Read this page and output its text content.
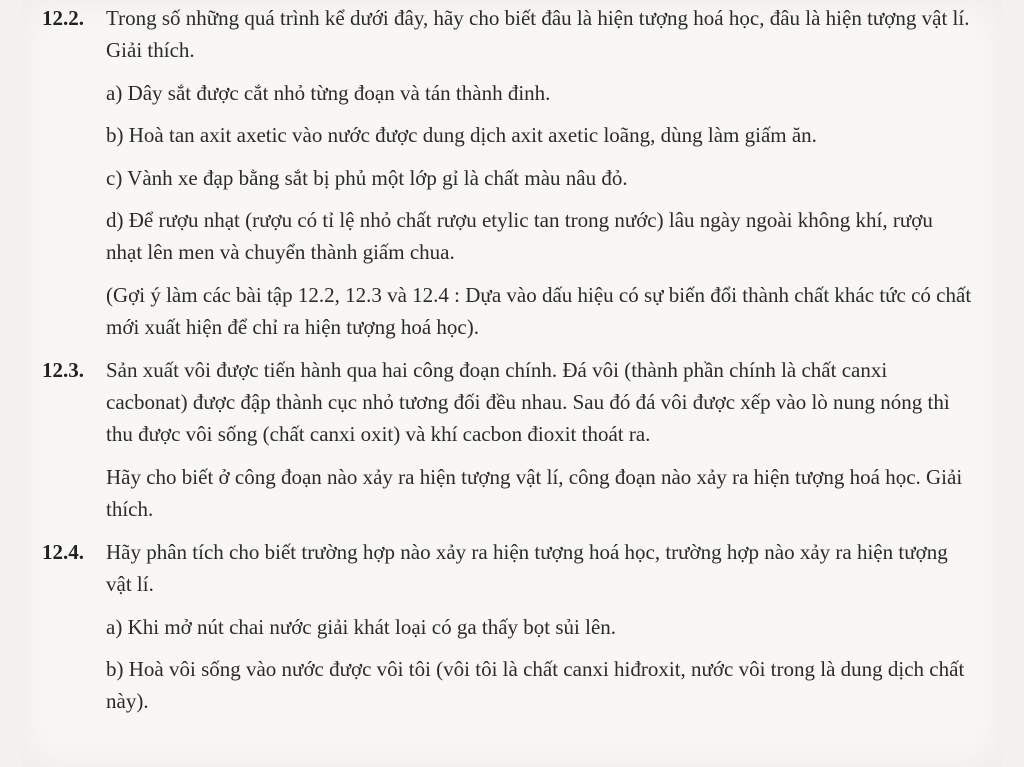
12.2. Trong số những quá trình kể dưới đây, hãy cho biết đâu là hiện tượng hoá học, đâu là hiện tượng vật lí. Giải thích.

a) Dây sắt được cắt nhỏ từng đoạn và tán thành đinh.

b) Hoà tan axit axetic vào nước được dung dịch axit axetic loãng, dùng làm giấm ăn.

c) Vành xe đạp bằng sắt bị phủ một lớp gỉ là chất màu nâu đỏ.

d) Để rượu nhạt (rượu có tỉ lệ nhỏ chất rượu etylic tan trong nước) lâu ngày ngoài không khí, rượu nhạt lên men và chuyển thành giấm chua.

(Gợi ý làm các bài tập 12.2, 12.3 và 12.4 : Dựa vào dấu hiệu có sự biến đổi thành chất khác tức có chất mới xuất hiện để chỉ ra hiện tượng hoá học).

12.3. Sản xuất vôi được tiến hành qua hai công đoạn chính. Đá vôi (thành phần chính là chất canxi cacbonat) được đập thành cục nhỏ tương đối đều nhau. Sau đó đá vôi được xếp vào lò nung nóng thì thu được vôi sống (chất canxi oxit) và khí cacbon đioxit thoát ra.

Hãy cho biết ở công đoạn nào xảy ra hiện tượng vật lí, công đoạn nào xảy ra hiện tượng hoá học. Giải thích.

12.4. Hãy phân tích cho biết trường hợp nào xảy ra hiện tượng hoá học, trường hợp nào xảy ra hiện tượng vật lí.

a) Khi mở nút chai nước giải khát loại có ga thấy bọt sủi lên.

b) Hoà vôi sống vào nước được vôi tôi (vôi tôi là chất canxi hiđroxit, nước vôi trong là dung dịch chất này).
